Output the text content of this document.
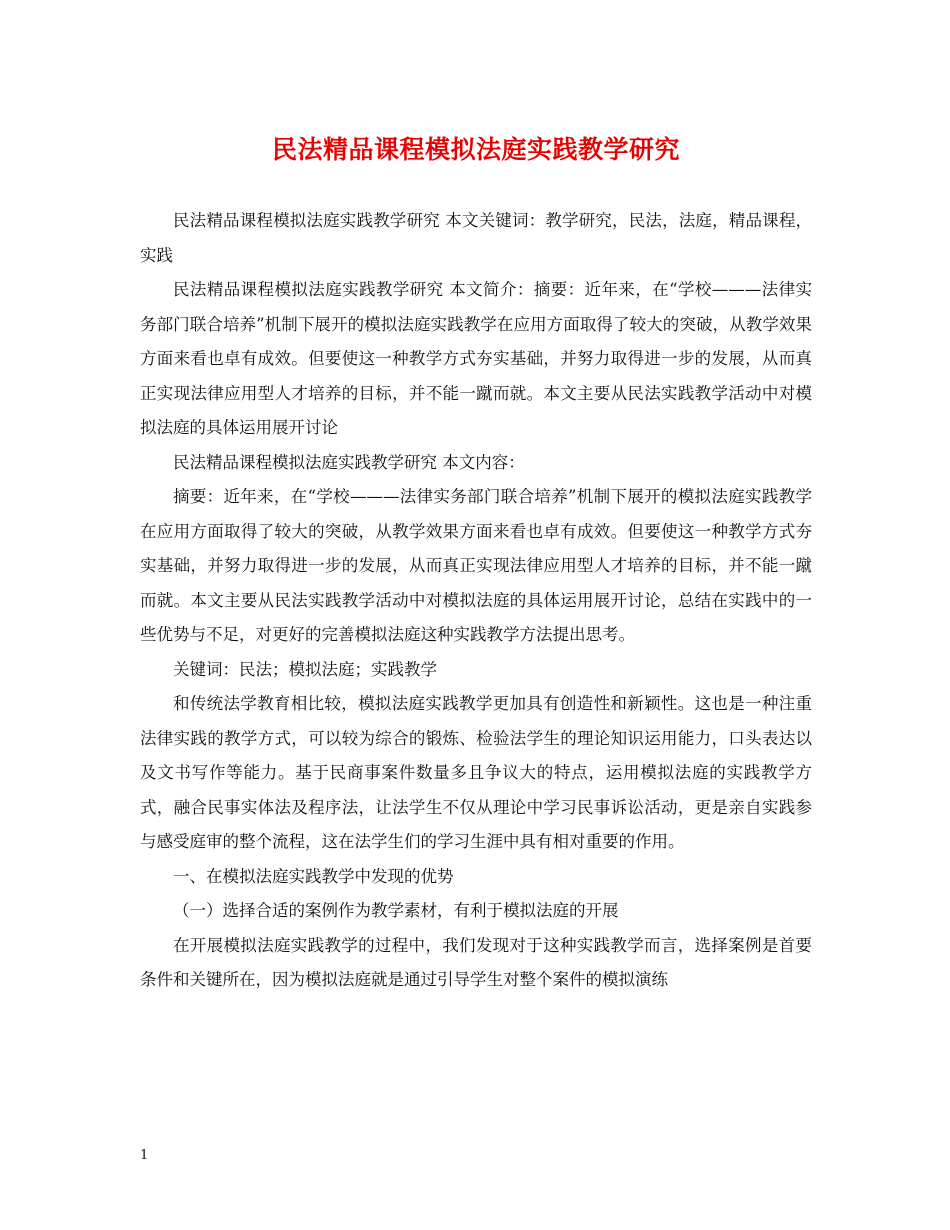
民法精品课程模拟法庭实践教学研究

民法精品课程模拟法庭实践教学研究 本文关键词：教学研究，民法，法庭，精品课程，实践

民法精品课程模拟法庭实践教学研究 本文简介：摘要：近年来，在“学校———法律实务部门联合培养”机制下展开的模拟法庭实践教学在应用方面取得了较大的突破，从教学效果方面来看也卓有成效。但要使这一种教学方式夯实基础，并努力取得进一步的发展，从而真正实现法律应用型人才培养的目标，并不能一蹴而就。本文主要从民法实践教学活动中对模拟法庭的具体运用展开讨论

民法精品课程模拟法庭实践教学研究 本文内容：

摘要：近年来，在“学校———法律实务部门联合培养”机制下展开的模拟法庭实践教学在应用方面取得了较大的突破，从教学效果方面来看也卓有成效。但要使这一种教学方式夯实基础，并努力取得进一步的发展，从而真正实现法律应用型人才培养的目标，并不能一蹴而就。本文主要从民法实践教学活动中对模拟法庭的具体运用展开讨论，总结在实践中的一些优势与不足，对更好的完善模拟法庭这种实践教学方法提出思考。

关键词：民法；模拟法庭；实践教学

和传统法学教育相比较，模拟法庭实践教学更加具有创造性和新颖性。这也是一种注重法律实践的教学方式，可以较为综合的锻炼、检验法学生的理论知识运用能力，口头表达以及文书写作等能力。基于民商事案件数量多且争议大的特点，运用模拟法庭的实践教学方式，融合民事实体法及程序法，让法学生不仅从理论中学习民事诉讼活动，更是亲自实践参与感受庭审的整个流程，这在法学生们的学习生涯中具有相对重要的作用。

一、在模拟法庭实践教学中发现的优势

（一）选择合适的案例作为教学素材，有利于模拟法庭的开展

在开展模拟法庭实践教学的过程中，我们发现对于这种实践教学而言，选择案例是首要条件和关键所在，因为模拟法庭就是通过引导学生对整个案件的模拟演练

1
